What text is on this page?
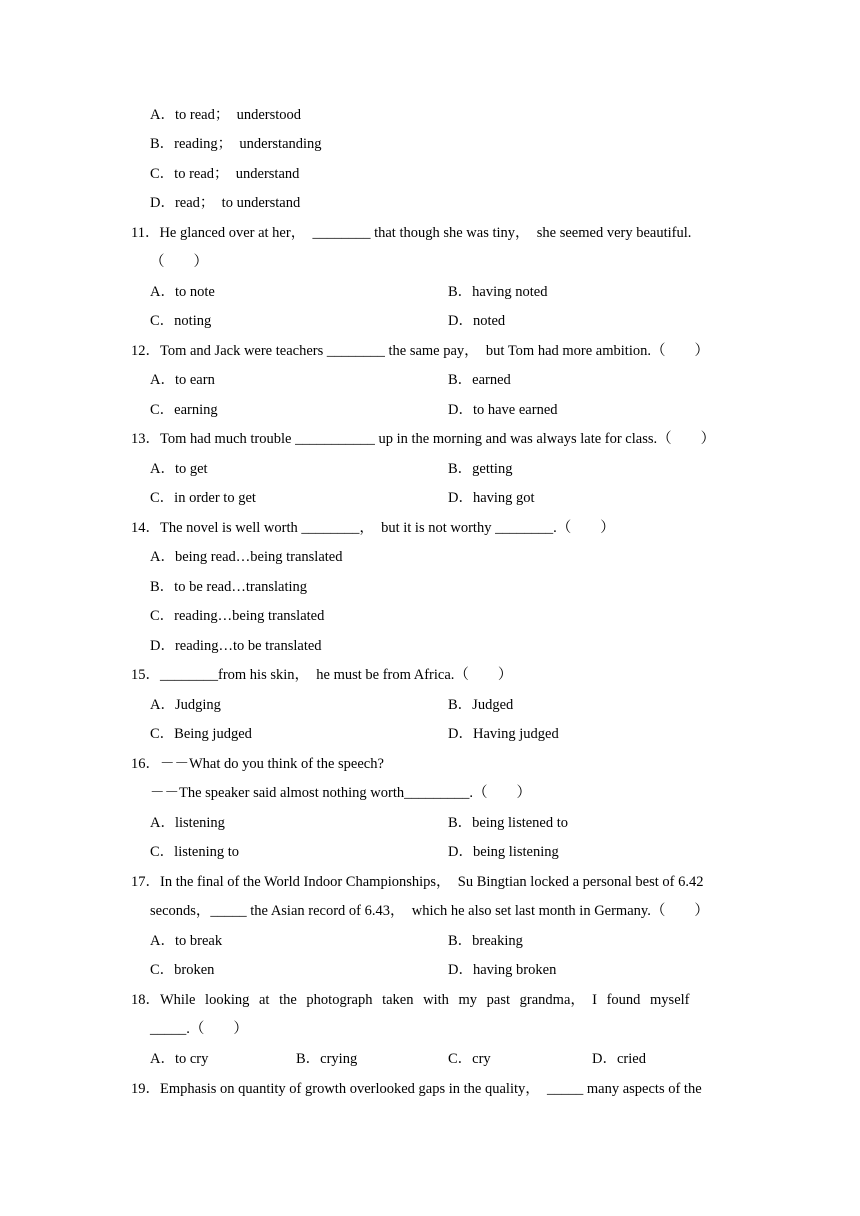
A．to read；　understood
B．reading；　understanding
C．to read；　understand
D．read；　to understand
11．He glanced over at her，　________ that though she was tiny，　she seemed very beautiful.
（　　）
A．to note	B．having noted
C．noting	D．noted
12．Tom and Jack were teachers ________ the same pay，　but Tom had more ambition.（　　）
A．to earn	B．earned
C．earning	D．to have earned
13．Tom had much trouble ___________ up in the morning and was always late for class.（　　）
A．to get	B．getting
C．in order to get	D．having got
14．The novel is well worth ________，　but it is not worthy ________.（　　）
A．being read…being translated
B．to be read…translating
C．reading…being translated
D．reading…to be translated
15．________from his skin，　he must be from Africa.（　　）
A．Judging	B．Judged
C．Being judged	D．Having judged
16．－－What do you think of the speech?
－－The speaker said almost nothing worth_________.（　　）
A．listening	B．being listened to
C．listening to	D．being listening
17．In the final of the World Indoor Championships，　Su Bingtian locked a personal best of 6.42
seconds，_____ the Asian record of 6.43，　which he also set last month in Germany.（　　）
A．to break	B．breaking
C．broken	D．having broken
18．While looking at the photograph taken with my past grandma，　I found myself
_____.（　　）
A．to cry	B．crying	C．cry	D．cried
19．Emphasis on quantity of growth overlooked gaps in the quality，　_____ many aspects of the
